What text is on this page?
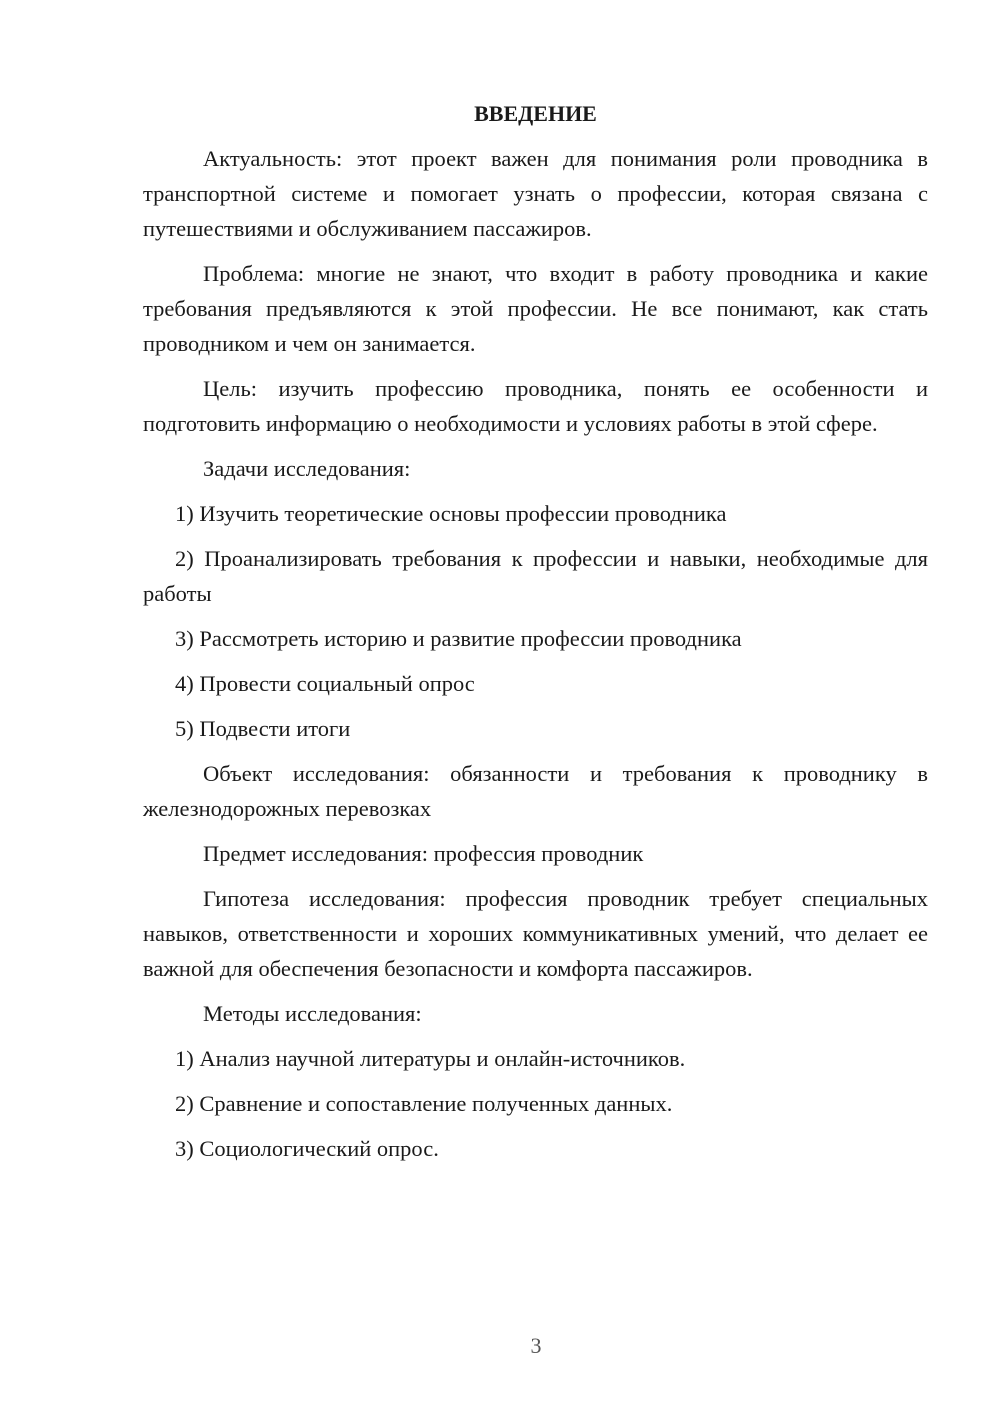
ВВЕДЕНИЕ

Актуальность: этот проект важен для понимания роли проводника в транспортной системе и помогает узнать о профессии, которая связана с путешествиями и обслуживанием пассажиров.

Проблема: многие не знают, что входит в работу проводника и какие требования предъявляются к этой профессии. Не все понимают, как стать проводником и чем он занимается.

Цель: изучить профессию проводника, понять ее особенности и подготовить информацию о необходимости и условиях работы в этой сфере.

Задачи исследования:

1) Изучить теоретические основы профессии проводника

2) Проанализировать требования к профессии и навыки, необходимые для работы

3) Рассмотреть историю и развитие профессии проводника

4) Провести социальный опрос

5) Подвести итоги

Объект исследования: обязанности и требования к проводнику в железнодорожных перевозках

Предмет исследования: профессия проводник

Гипотеза исследования: профессия проводник требует специальных навыков, ответственности и хороших коммуникативных умений, что делает ее важной для обеспечения безопасности и комфорта пассажиров.

Методы исследования:

1) Анализ научной литературы и онлайн-источников.

2) Сравнение и сопоставление полученных данных.

3) Социологический опрос.

3
